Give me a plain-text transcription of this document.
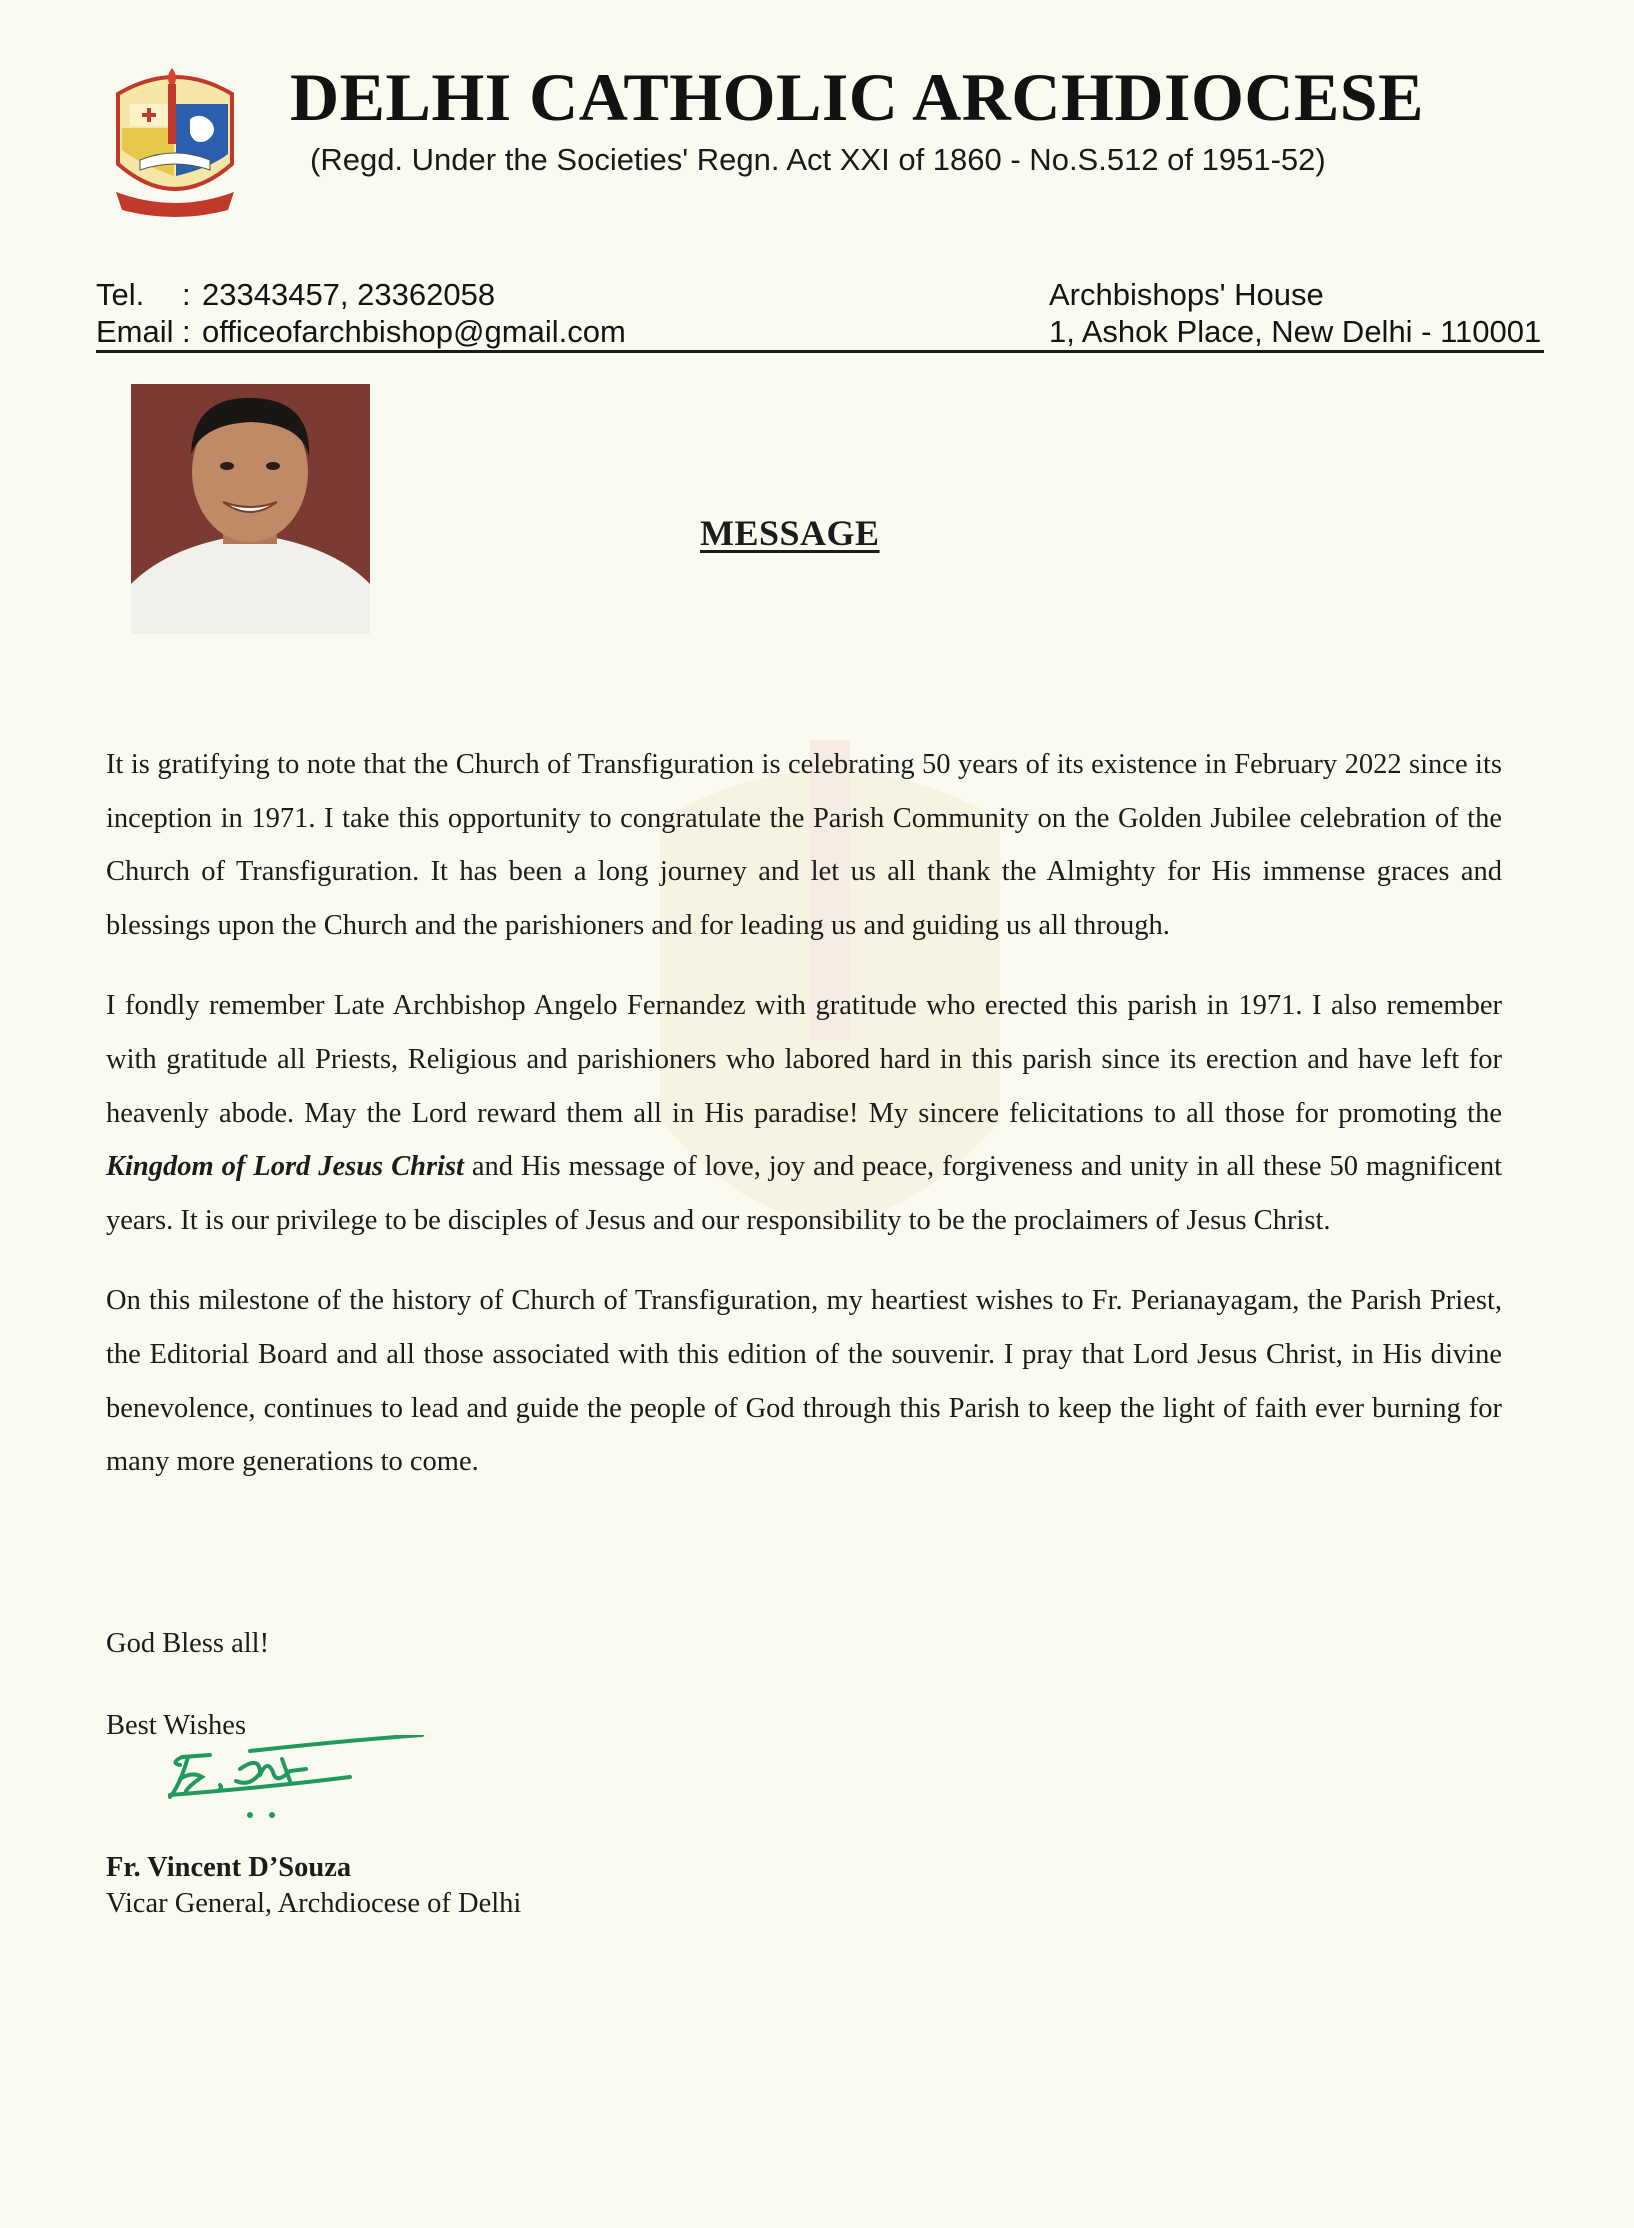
DELHI CATHOLIC ARCHDIOCESE
(Regd. Under the Societies' Regn. Act XXI of 1860 - No.S.512 of 1951-52)
Tel. : 23343457, 23362058
Email : officeofarchbishop@gmail.com
Archbishops' House
1, Ashok Place, New Delhi - 110001
MESSAGE

It is gratifying to note that the Church of Transfiguration is celebrating 50 years of its existence in February 2022 since its inception in 1971. I take this opportunity to congratulate the Parish Community on the Golden Jubilee celebration of the Church of Transfiguration. It has been a long journey and let us all thank the Almighty for His immense graces and blessings upon the Church and the parishioners and for leading us and guiding us all through.

I fondly remember Late Archbishop Angelo Fernandez with gratitude who erected this parish in 1971. I also remember with gratitude all Priests, Religious and parishioners who labored hard in this parish since its erection and have left for heavenly abode. May the Lord reward them all in His paradise! My sincere felicitations to all those for promoting the Kingdom of Lord Jesus Christ and His message of love, joy and peace, forgiveness and unity in all these 50 magnificent years. It is our privilege to be disciples of Jesus and our responsibility to be the proclaimers of Jesus Christ.

On this milestone of the history of Church of Transfiguration, my heartiest wishes to Fr. Perianayagam, the Parish Priest, the Editorial Board and all those associated with this edition of the souvenir. I pray that Lord Jesus Christ, in His divine benevolence, continues to lead and guide the people of God through this Parish to keep the light of faith ever burning for many more generations to come.

God Bless all!
Best Wishes
Fr. Vincent D’Souza
Vicar General, Archdiocese of Delhi
